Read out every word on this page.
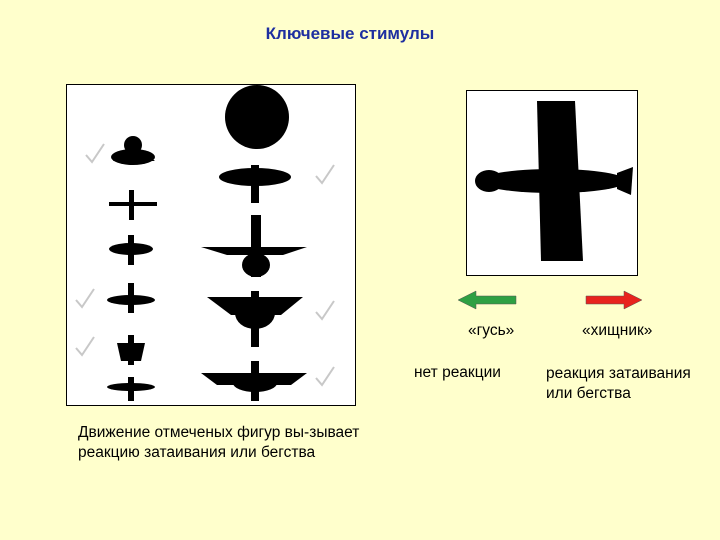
Ключевые стимулы
«гусь»	«хищник»
нет реакции	реакция затаивания или бегства
Движение отмеченых фигур вы-зывает реакцию затаивания или бегства
